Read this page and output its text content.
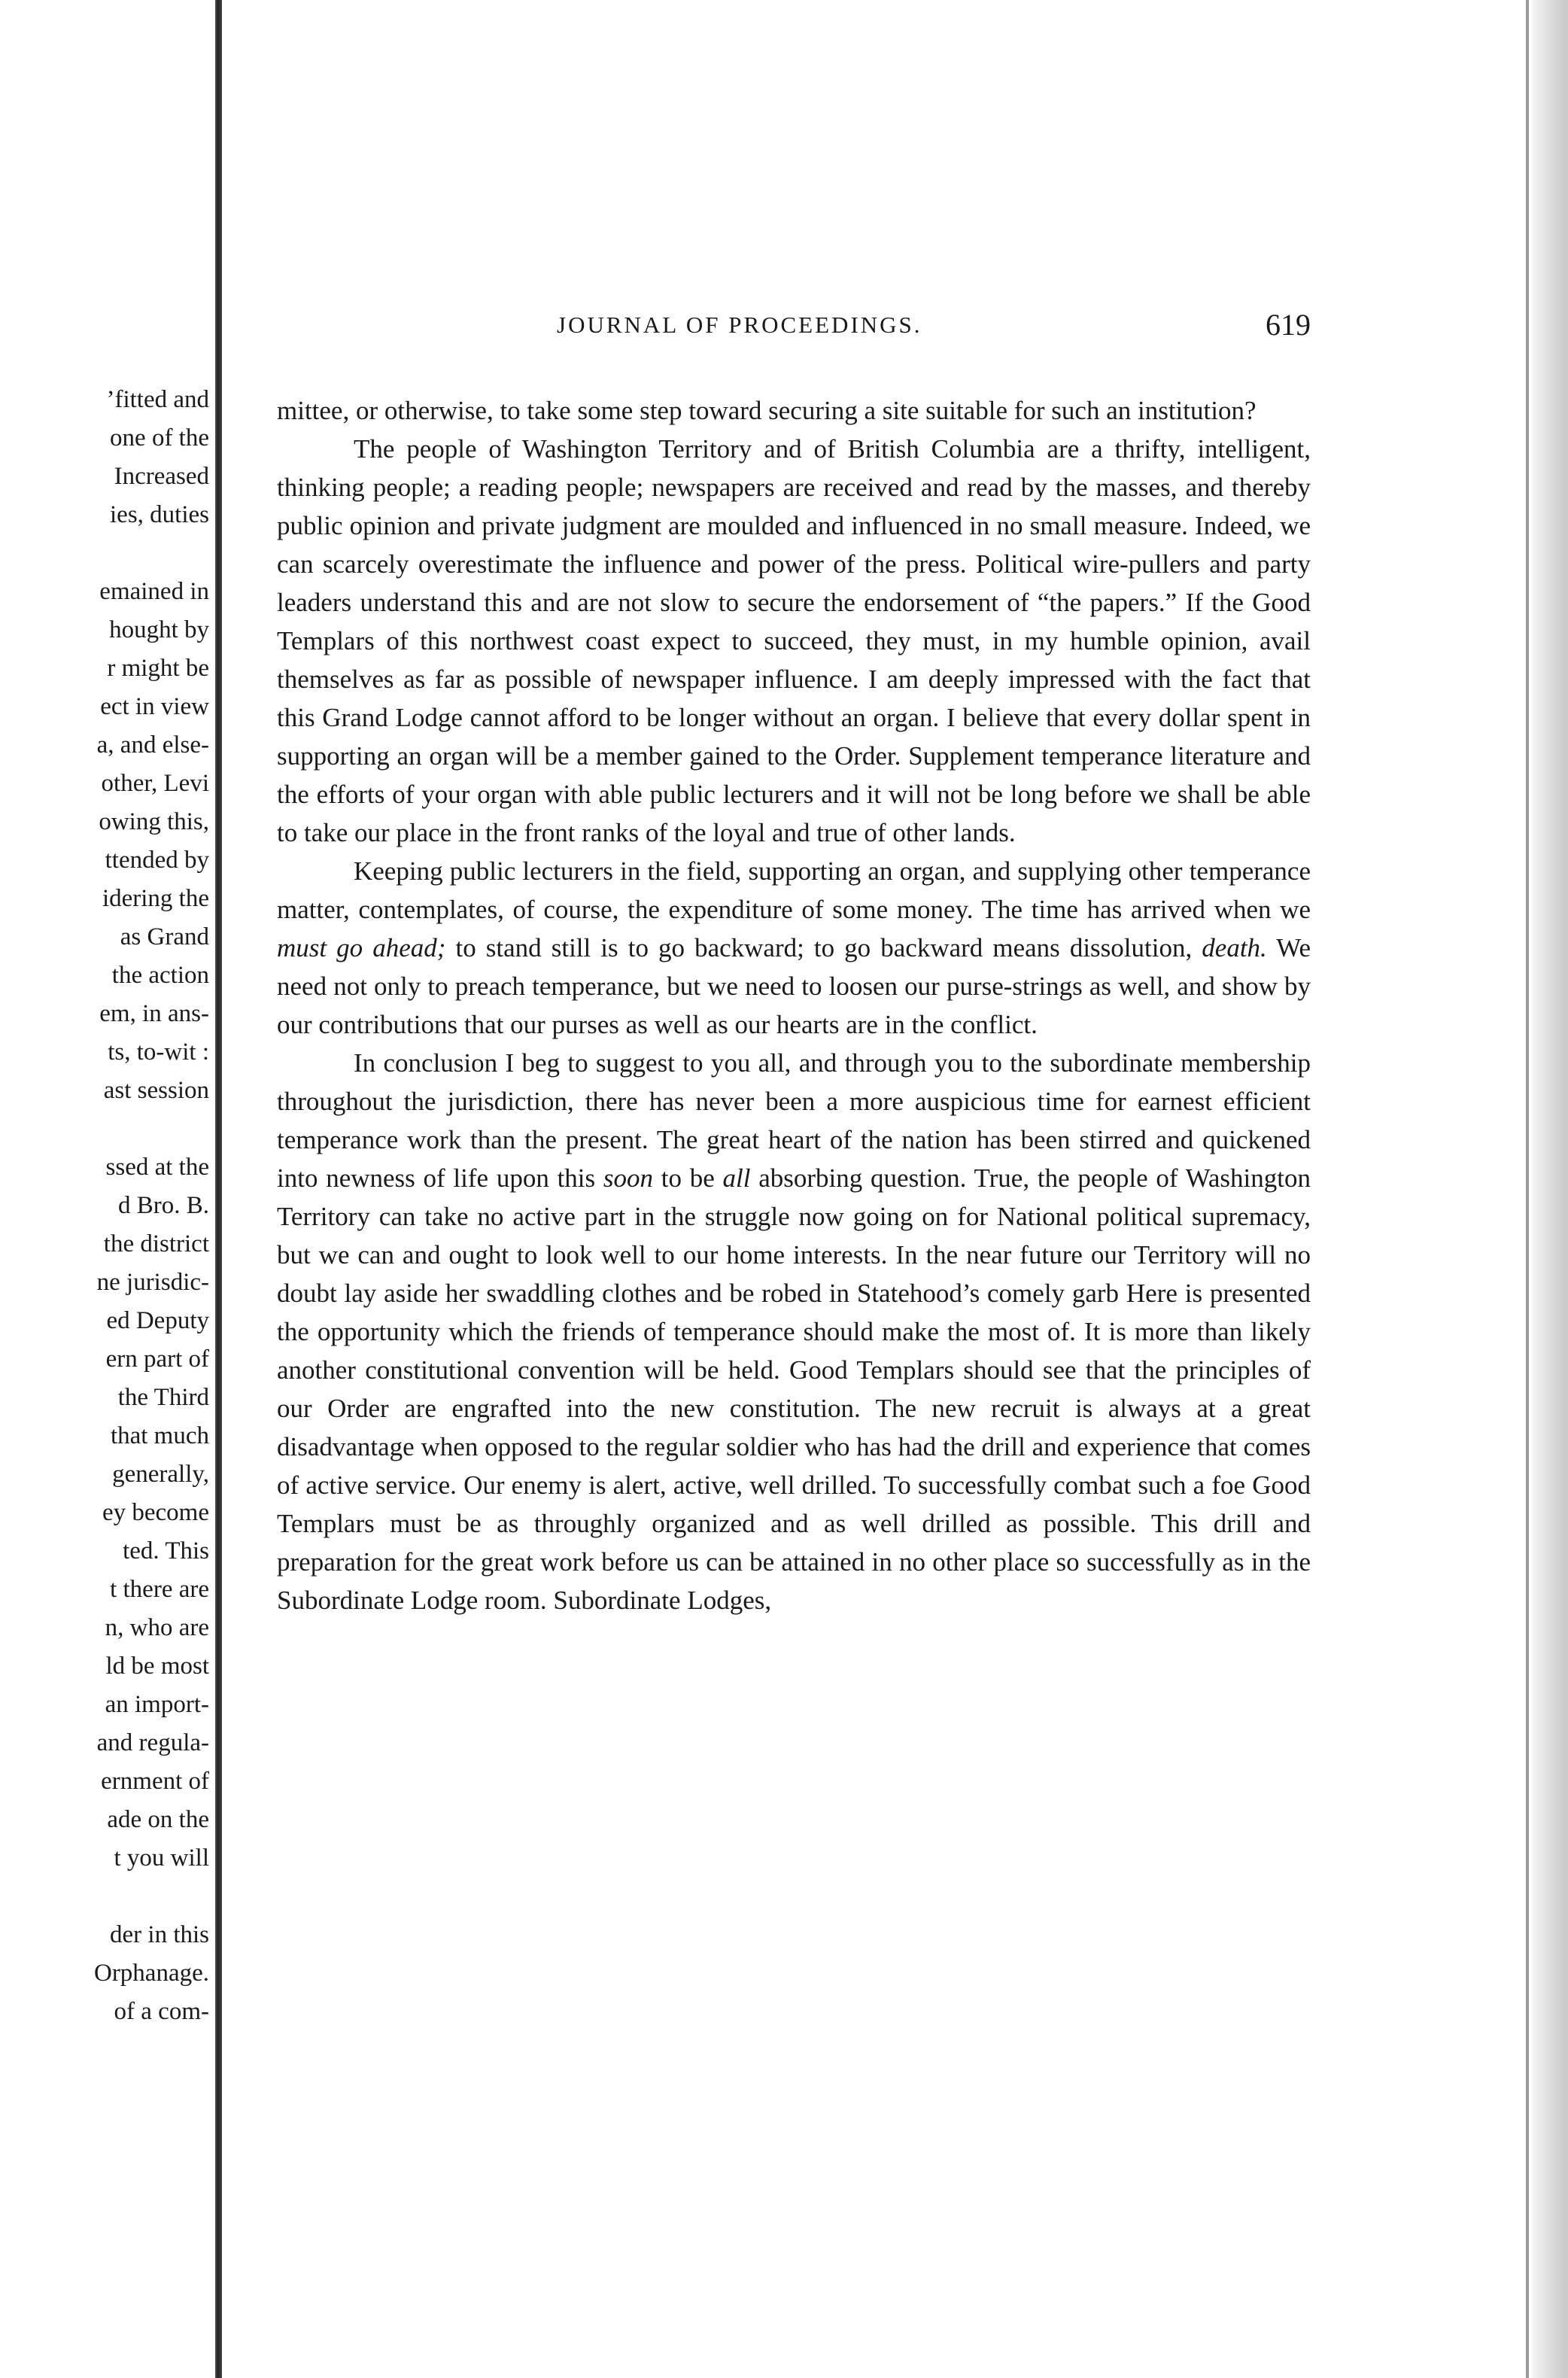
’fitted and
one of the
Increased
ies, duties
emained in
hought by
r might be
ect in view
a, and else-
other, Levi
owing this,
ttended by
idering the
as Grand
the action
em, in ans-
ts, to-wit :
ast session
ssed at the
d Bro. B.
the district
ne jurisdic-
ed Deputy
ern part of
the Third
that much
generally,
ey become
ted. This
t there are
n, who are
ld be most
an import-
and regula-
ernment of
ade on the
t you will
der in this
Orphanage.
of a com-
JOURNAL OF PROCEEDINGS.	619

mittee, or otherwise, to take some step toward securing a site suitable for such an institution?

The people of Washington Territory and of British Columbia are a thrifty, intelligent, thinking people; a reading people; newspapers are received and read by the masses, and thereby public opinion and private judgment are moulded and influenced in no small measure. Indeed, we can scarcely overestimate the influence and power of the press. Political wire-pullers and party leaders understand this and are not slow to secure the endorsement of “the papers.” If the Good Templars of this northwest coast expect to succeed, they must, in my humble opinion, avail themselves as far as possible of newspaper influence. I am deeply impressed with the fact that this Grand Lodge cannot afford to be longer without an organ. I believe that every dollar spent in supporting an organ will be a member gained to the Order. Supplement temperance literature and the efforts of your organ with able public lecturers and it will not be long before we shall be able to take our place in the front ranks of the loyal and true of other lands.

Keeping public lecturers in the field, supporting an organ, and supplying other temperance matter, contemplates, of course, the expenditure of some money. The time has arrived when we must go ahead; to stand still is to go backward; to go backward means dissolution, death. We need not only to preach temperance, but we need to loosen our purse-strings as well, and show by our contributions that our purses as well as our hearts are in the conflict.

In conclusion I beg to suggest to you all, and through you to the subordinate membership throughout the jurisdiction, there has never been a more auspicious time for earnest efficient temperance work than the present. The great heart of the nation has been stirred and quickened into newness of life upon this soon to be all absorbing question. True, the people of Washington Territory can take no active part in the struggle now going on for National political supremacy, but we can and ought to look well to our home interests. In the near future our Territory will no doubt lay aside her swaddling clothes and be robed in Statehood’s comely garb Here is presented the opportunity which the friends of temperance should make the most of. It is more than likely another constitutional convention will be held. Good Templars should see that the principles of our Order are engrafted into the new constitution. The new recruit is always at a great disadvantage when opposed to the regular soldier who has had the drill and experience that comes of active service. Our enemy is alert, active, well drilled. To successfully combat such a foe Good Templars must be as throughly organized and as well drilled as possible. This drill and preparation for the great work before us can be attained in no other place so successfully as in the Subordinate Lodge room. Subordinate Lodges,
